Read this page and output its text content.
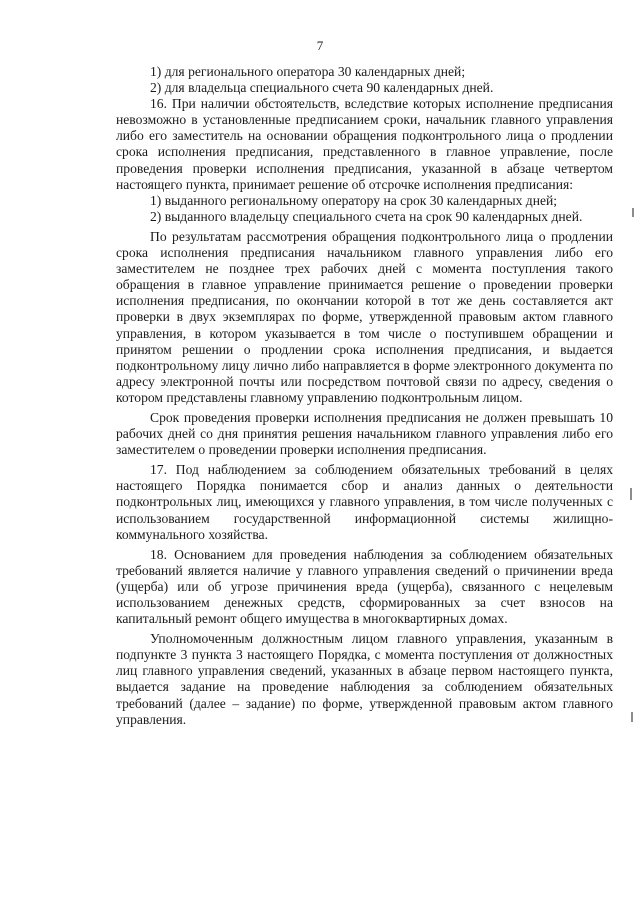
7

1) для регионального оператора 30 календарных дней;

2) для владельца специального счета 90 календарных дней.

16. При наличии обстоятельств, вследствие которых исполнение предписания невозможно в установленные предписанием сроки, начальник главного управления либо его заместитель на основании обращения подконтрольного лица о продлении срока исполнения предписания, представленного в главное управление, после проведения проверки исполнения предписания, указанной в абзаце четвертом настоящего пункта, принимает решение об отсрочке исполнения предписания:

1) выданного региональному оператору на срок 30 календарных дней;

2) выданного владельцу специального счета на срок 90 календарных дней.

По результатам рассмотрения обращения подконтрольного лица о продлении срока исполнения предписания начальником главного управления либо его заместителем не позднее трех рабочих дней с момента поступления такого обращения в главное управление принимается решение о проведении проверки исполнения предписания, по окончании которой в тот же день составляется акт проверки в двух экземплярах по форме, утвержденной правовым актом главного управления, в котором указывается в том числе о поступившем обращении и принятом решении о продлении срока исполнения предписания, и выдается подконтрольному лицу лично либо направляется в форме электронного документа по адресу электронной почты или посредством почтовой связи по адресу, сведения о котором представлены главному управлению подконтрольным лицом.

Срок проведения проверки исполнения предписания не должен превышать 10 рабочих дней со дня принятия решения начальником главного управления либо его заместителем о проведении проверки исполнения предписания.

17. Под наблюдением за соблюдением обязательных требований в целях настоящего Порядка понимается сбор и анализ данных о деятельности подконтрольных лиц, имеющихся у главного управления, в том числе полученных с использованием государственной информационной системы жилищно-коммунального хозяйства.

18. Основанием для проведения наблюдения за соблюдением обязательных требований является наличие у главного управления сведений о причинении вреда (ущерба) или об угрозе причинения вреда (ущерба), связанного с нецелевым использованием денежных средств, сформированных за счет взносов на капитальный ремонт общего имущества в многоквартирных домах.

Уполномоченным должностным лицом главного управления, указанным в подпункте 3 пункта 3 настоящего Порядка, с момента поступления от должностных лиц главного управления сведений, указанных в абзаце первом настоящего пункта, выдается задание на проведение наблюдения за соблюдением обязательных требований (далее – задание) по форме, утвержденной правовым актом главного управления.
